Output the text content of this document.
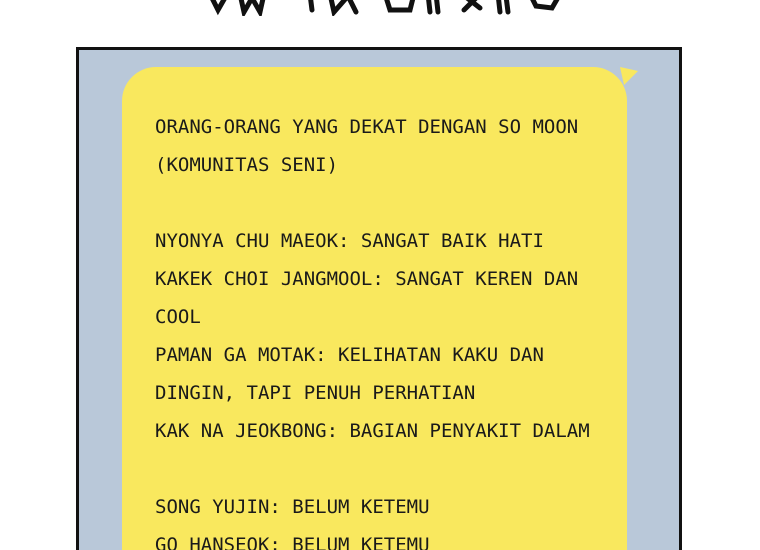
ORANG-ORANG YANG DEKAT DENGAN SO MOON
(KOMUNITAS SENI)
NYONYA CHU MAEOK: SANGAT BAIK HATI
KAKEK CHOI JANGMOOL: SANGAT KEREN DAN
COOL
PAMAN GA MOTAK: KELIHATAN KAKU DAN
DINGIN, TAPI PENUH PERHATIAN
KAK NA JEOKBONG: BAGIAN PENYAKIT DALAM
SONG YUJIN: BELUM KETEMU
GO HANSEOK: BELUM KETEMU
